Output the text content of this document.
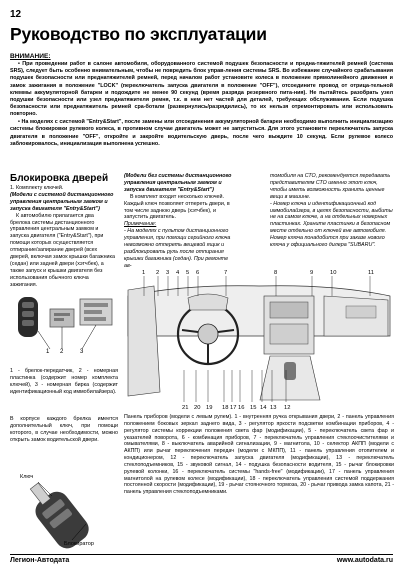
12
Руководство по эксплуатации
ВНИМАНИЕ:

• При проведении работ в салоне автомобиля, оборудованного системой подушек безопасности и предна-тяжителей ремней (система SRS), следует быть особенно внимательным, чтобы не повредить блок управ-ления системы SRS. Во избежание случайного срабатывания подушек безопасности или преднатяжителей ремней, перед началом работ установите колеса в положение прямолинейного движения и замок зажигания в положение "LOCK" (переключатель запуска двигателя в положение "OFF"), отсоедините провод от отрица-тельной клеммы аккумуляторной батареи и подождите не менее 90 секунд (время разряда резервного пита-ния). Не пытайтесь разобрать узел подушки безопасности или узел преднатяжителя ремня, т.к. в нем нет частей для деталей, требующих обслуживания. Если подушка безопасности или преднатяжитель ремней сра-ботали (развернулись/разрядились), то их нельзя отремонтировать или использовать повторно.

• На моделях с системой "Entry&Start", после замены или отсоединения аккумуляторной батареи необходимо выполнить инициализацию системы блокировки рулевого колеса, в противном случае двигатель может не запуститься. Для этого установите переключатель запуска двигателя в положение "OFF", откройте и закройте водительскую дверь, после чего выждите 10 секунд. Если рулевое колесо заблокировалось, инициализация выполнена успешно.

Блокировка дверей

1. Комплекту ключей.

(Модели с системой дистанционного управления центральным замком и запуска двигателя "Entry&Start")

К автомобилю прилагается два брелока системы дистанционного управления центральным замком и запуска двигателя ("Entry&Start"), при помощи которых осуществляется отпирание/запирание дверей (всех дверей, включая замок крышки багажника (седан) или задней двери (хэтчбек), а также запуск и крышки двигателя без использования обычного ключа зажигания.

1 2	3
1 - брелок-передатчик, 2 - номерная пластинка (содержит номер комплекта ключей), 3 - номерная бирка (содержит идентификационный код иммобилайзера).
В корпусе каждого брелка имеется дополнительный ключ, при помощи которого, в случае необходимости, можно открыть замок водительской двери.
Ключ
Блокиратор

(Модели без системы дистанционного управления центральным замком и запуска двигателя "Entry&Start")

В комплект входит несколько ключей. Каждый ключ позволяет отпереть двери, в том числе заднюю дверь (хэтчбек), и запустить двигатель.

Примечание:

- На моделях с пультом дистанционного управления, при помощи серийного ключа невозможно отпереть вещевой ящик и разблокировать руль после отпирания крышки багажника (седан). При ремонте ав-

томобиля на СТО, рекомендуется передавать представителям СТО именно этот ключ, чтобы иметь возможность хранить ценные вещи в машине.
- Номер ключа и идентификационный код иммобилайзера, в целях безопасности, выбиты не на самом ключе, а на отдельных номерных пластинках. Храните пластинки в безопасном месте отдельно от ключей вне автомобиля. Номер ключа понадобится при заказе нового ключа у официального дилера "SUBARU".
1 2 3 4 5 6	7	8	9	10	11
21 20 19 18 17 16 15 14 13 12
Панель приборов (модели с левым рулем). 1 - внутренняя ручка открывания двери, 2 - панель управления положением боковых зеркал заднего вида, 3 - регулятор яркости подсветки комбинации приборов, 4 - регулятор системы коррекции положения света фар (модификации), 5 - переключатель света фар и указателей поворота, 6 - комбинация приборов, 7 - переключатель управления стеклоочистителями и омывателями, 8 - выключатель аварийной сигнализации, 9 - магнитола, 10 - селектор АКПП (модели с АКПП) или рычаг переключения передач (модели с МКПП), 11 - панель управления отопителем и кондиционером, 12 - переключатель запуска двигателя (модификации), 13 - переключатель стеклоподъемников, 15 - звуковой сигнал, 14 - подушка безопасности водителя, 15 - рычаг блокировки рулевой колонки, 16 - переключатель системы "hands-free" (модификации), 17 - панель управления магнитолой на рулевом колесе (модификации), 18 - переключатель управления системой поддержания постоянной скорости (модификации), 19 - рычаг стояночного тормоза, 20 - рычаг привода замка капота, 21 - панель управления стеклоподъемниками.
Легион-Автодата	www.autodata.ru
